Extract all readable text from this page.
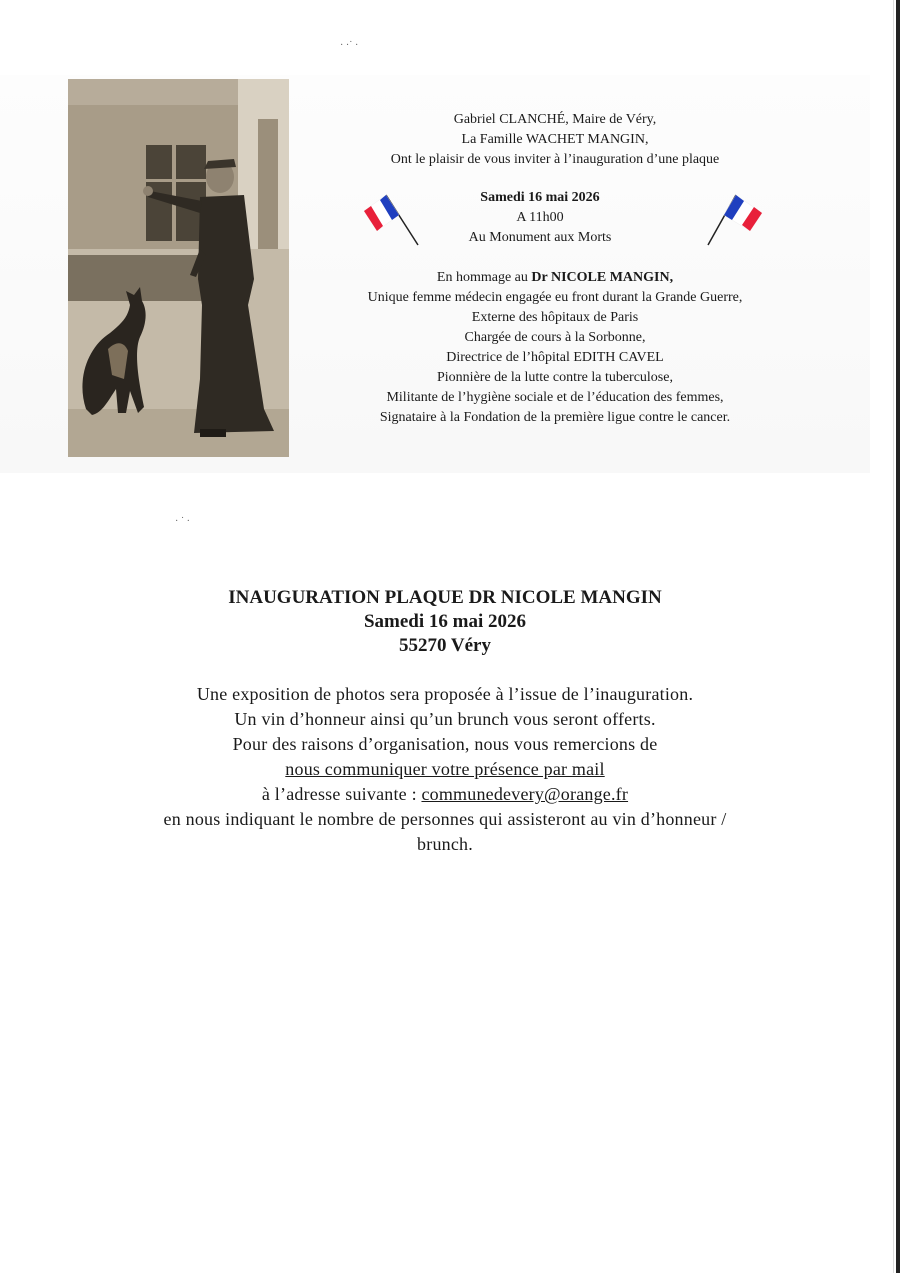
· ·˙ ·
· ˙ ·
Gabriel CLANCHÉ, Maire de Véry,
La Famille WACHET MANGIN,
Ont le plaisir de vous inviter à l’inauguration d’une plaque
Samedi 16 mai 2026
A 11h00
Au Monument aux Morts
En hommage au Dr NICOLE MANGIN,
Unique femme médecin engagée eu front durant la Grande Guerre,
Externe des hôpitaux de Paris
Chargée de cours à la Sorbonne,
Directrice de l’hôpital EDITH CAVEL
Pionnière de la lutte contre la tuberculose,
Militante de l’hygiène sociale et de l’éducation des femmes,
Signataire à la Fondation de la première ligue contre le cancer.
INAUGURATION PLAQUE DR NICOLE MANGIN
Samedi 16 mai 2026
55270 Véry
Une exposition de photos sera proposée à l’issue de l’inauguration.
Un vin d’honneur ainsi qu’un brunch vous seront offerts.
Pour des raisons d’organisation, nous vous remercions de
nous communiquer votre présence par mail
à l’adresse suivante : communedevery@orange.fr
en nous indiquant le nombre de personnes qui assisteront au vin d’honneur /
brunch.
